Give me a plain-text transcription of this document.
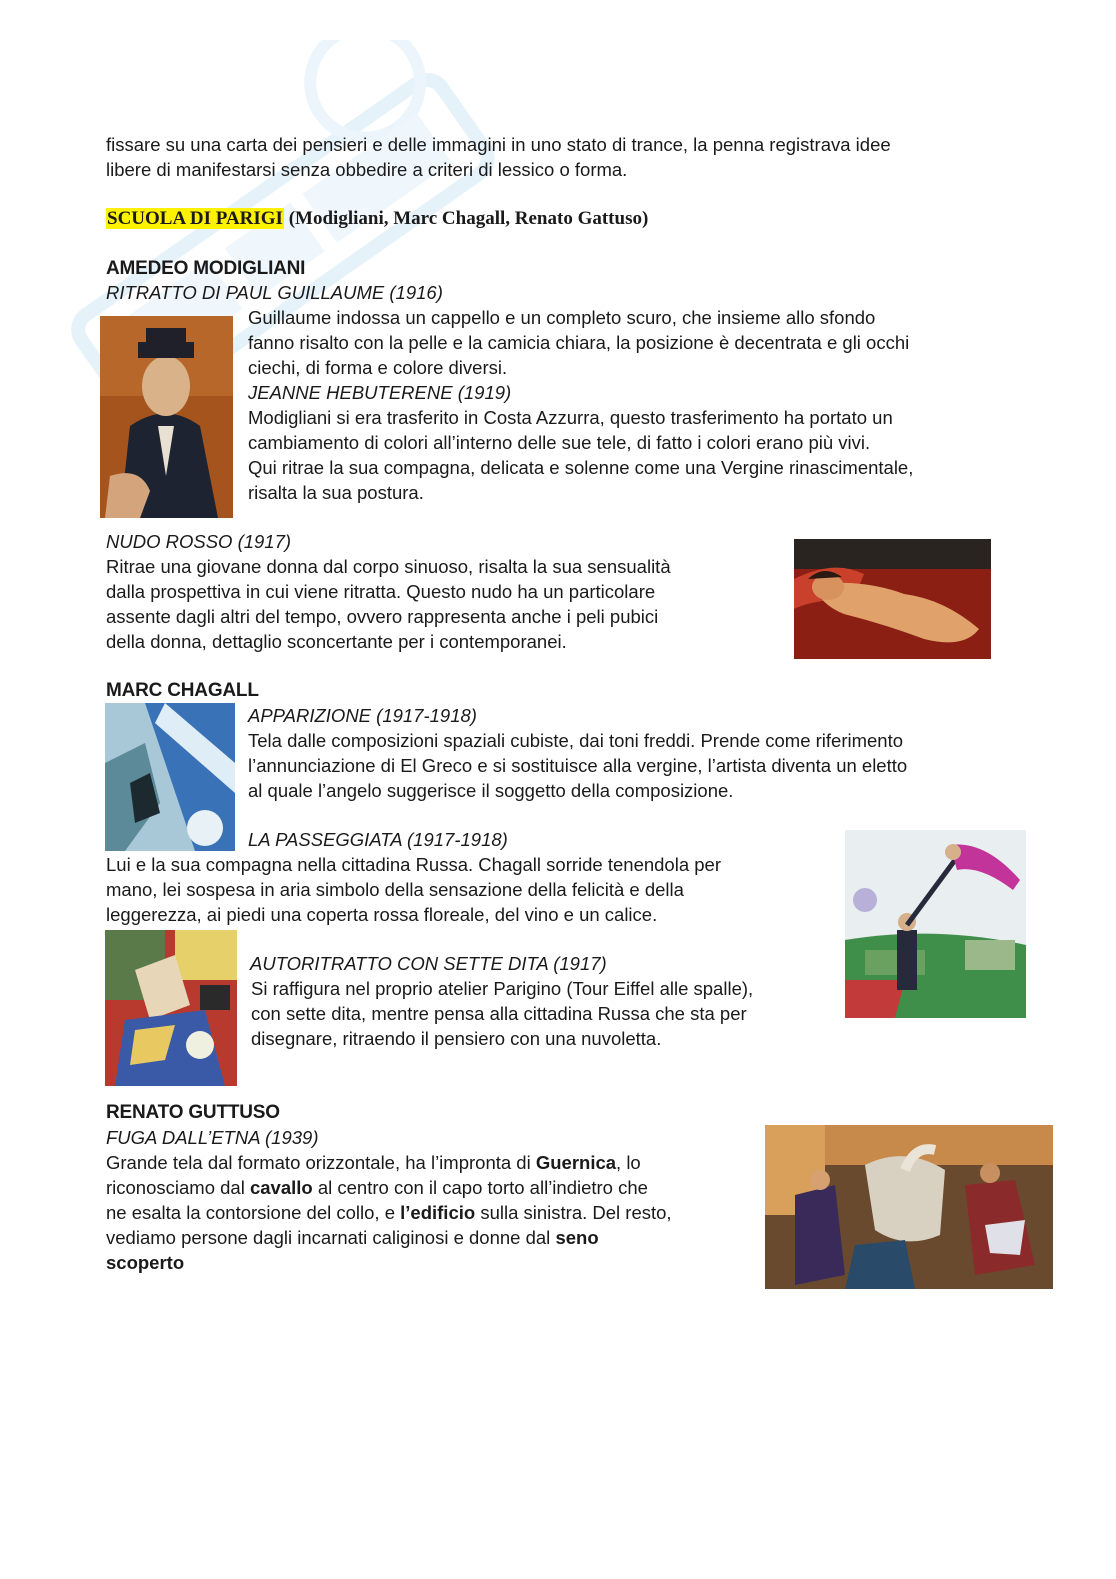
fissare su una carta dei pensieri e delle immagini in uno stato di trance, la penna registrava idee

libere di manifestarsi senza obbedire a criteri di lessico o forma.

SCUOLA DI PARIGI (Modigliani, Marc Chagall, Renato Gattuso)
AMEDEO MODIGLIANI
RITRATTO DI PAUL GUILLAUME (1916)
Guillaume indossa un cappello e un completo scuro, che insieme allo sfondo
fanno risalto con la pelle e la camicia chiara, la posizione è decentrata e gli occhi
ciechi, di forma e colore diversi.
JEANNE HEBUTERENE (1919)
Modigliani si era trasferito in Costa Azzurra, questo trasferimento ha portato un
cambiamento di colori all’interno delle sue tele, di fatto i colori erano più vivi.
Qui ritrae la sua compagna, delicata e solenne come una Vergine rinascimentale,
risalta la sua postura.
NUDO ROSSO (1917)
Ritrae una giovane donna dal corpo sinuoso, risalta la sua sensualità
dalla prospettiva in cui viene ritratta. Questo nudo ha un particolare
assente dagli altri del tempo, ovvero rappresenta anche i peli pubici
della donna, dettaglio sconcertante per i contemporanei.
MARC CHAGALL
APPARIZIONE (1917-1918)
Tela dalle composizioni spaziali cubiste, dai toni freddi. Prende come riferimento
l’annunciazione di El Greco e si sostituisce alla vergine, l’artista diventa un eletto
al quale l’angelo suggerisce il soggetto della composizione.
LA PASSEGGIATA (1917-1918)
Lui e la sua compagna nella cittadina Russa. Chagall sorride tenendola per
mano, lei sospesa in aria simbolo della sensazione della felicità e della
leggerezza, ai piedi una coperta rossa floreale, del vino e un calice.
AUTORITRATTO CON SETTE DITA (1917)
Si raffigura nel proprio atelier Parigino (Tour Eiffel alle spalle),
con sette dita, mentre pensa alla cittadina Russa che sta per
disegnare, ritraendo il pensiero con una nuvoletta.
RENATO GUTTUSO
FUGA DALL’ETNA (1939)
Grande tela dal formato orizzontale, ha l’impronta di Guernica, lo
riconosciamo dal cavallo al centro con il capo torto all’indietro che
ne esalta la contorsione del collo, e l’edificio sulla sinistra. Del resto,
vediamo persone dagli incarnati caliginosi e donne dal seno
scoperto
